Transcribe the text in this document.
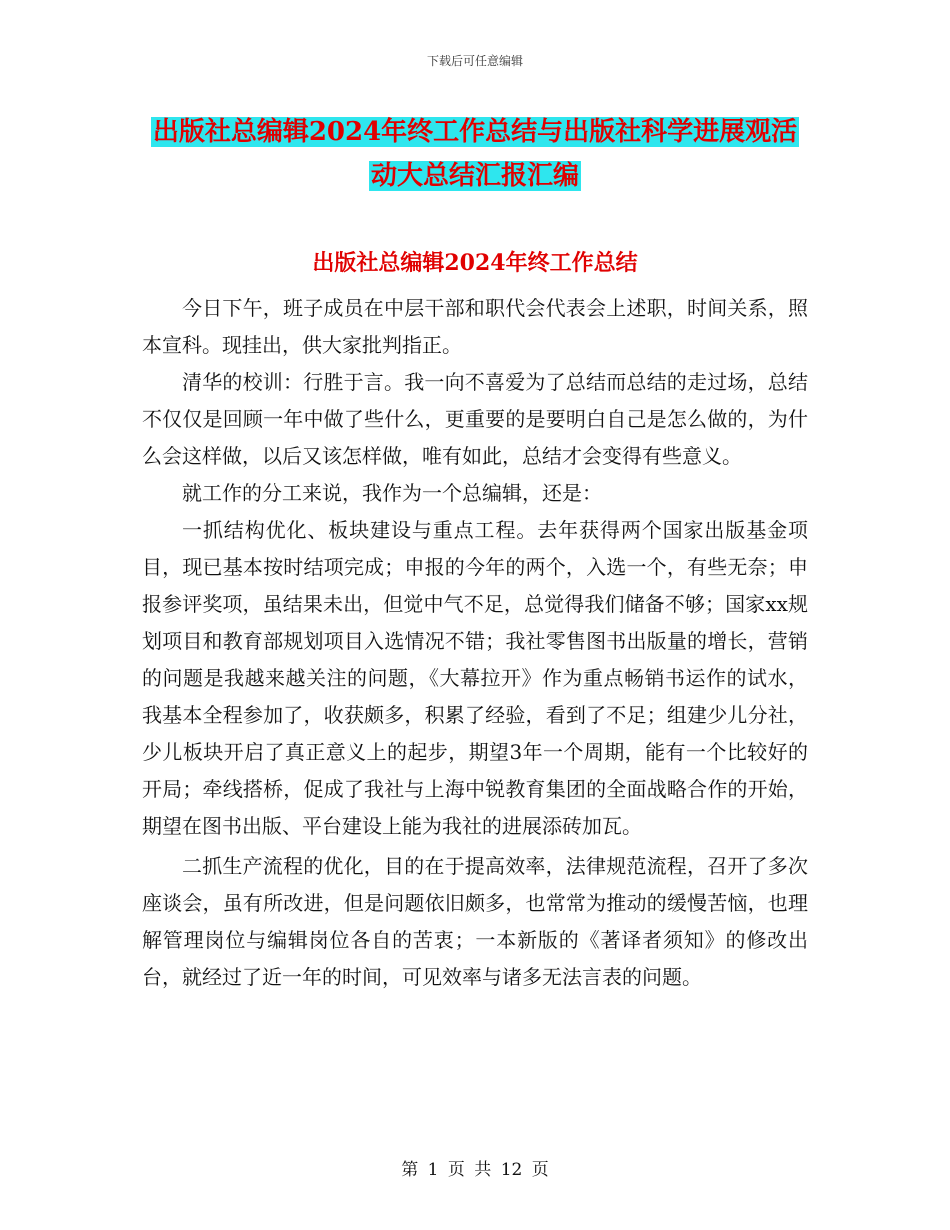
下载后可任意编辑
出版社总编辑2024年终工作总结与出版社科学进展观活动大总结汇报汇编
出版社总编辑2024年终工作总结

今日下午，班子成员在中层干部和职代会代表会上述职，时间关系，照本宣科。现挂出，供大家批判指正。

清华的校训：行胜于言。我一向不喜爱为了总结而总结的走过场，总结不仅仅是回顾一年中做了些什么，更重要的是要明白自己是怎么做的，为什么会这样做，以后又该怎样做，唯有如此，总结才会变得有些意义。

就工作的分工来说，我作为一个总编辑，还是：

一抓结构优化、板块建设与重点工程。去年获得两个国家出版基金项目，现已基本按时结项完成；申报的今年的两个，入选一个，有些无奈；申报参评奖项，虽结果未出，但觉中气不足，总觉得我们储备不够；国家xx规划项目和教育部规划项目入选情况不错；我社零售图书出版量的增长，营销的问题是我越来越关注的问题，《大幕拉开》作为重点畅销书运作的试水，我基本全程参加了，收获颇多，积累了经验，看到了不足；组建少儿分社，少儿板块开启了真正意义上的起步，期望3年一个周期，能有一个比较好的开局；牵线搭桥，促成了我社与上海中锐教育集团的全面战略合作的开始，期望在图书出版、平台建设上能为我社的进展添砖加瓦。

二抓生产流程的优化，目的在于提高效率，法律规范流程，召开了多次座谈会，虽有所改进，但是问题依旧颇多，也常常为推动的缓慢苦恼，也理解管理岗位与编辑岗位各自的苦衷；一本新版的《著译者须知》的修改出台，就经过了近一年的时间，可见效率与诸多无法言表的问题。

第 1 页 共 12 页
